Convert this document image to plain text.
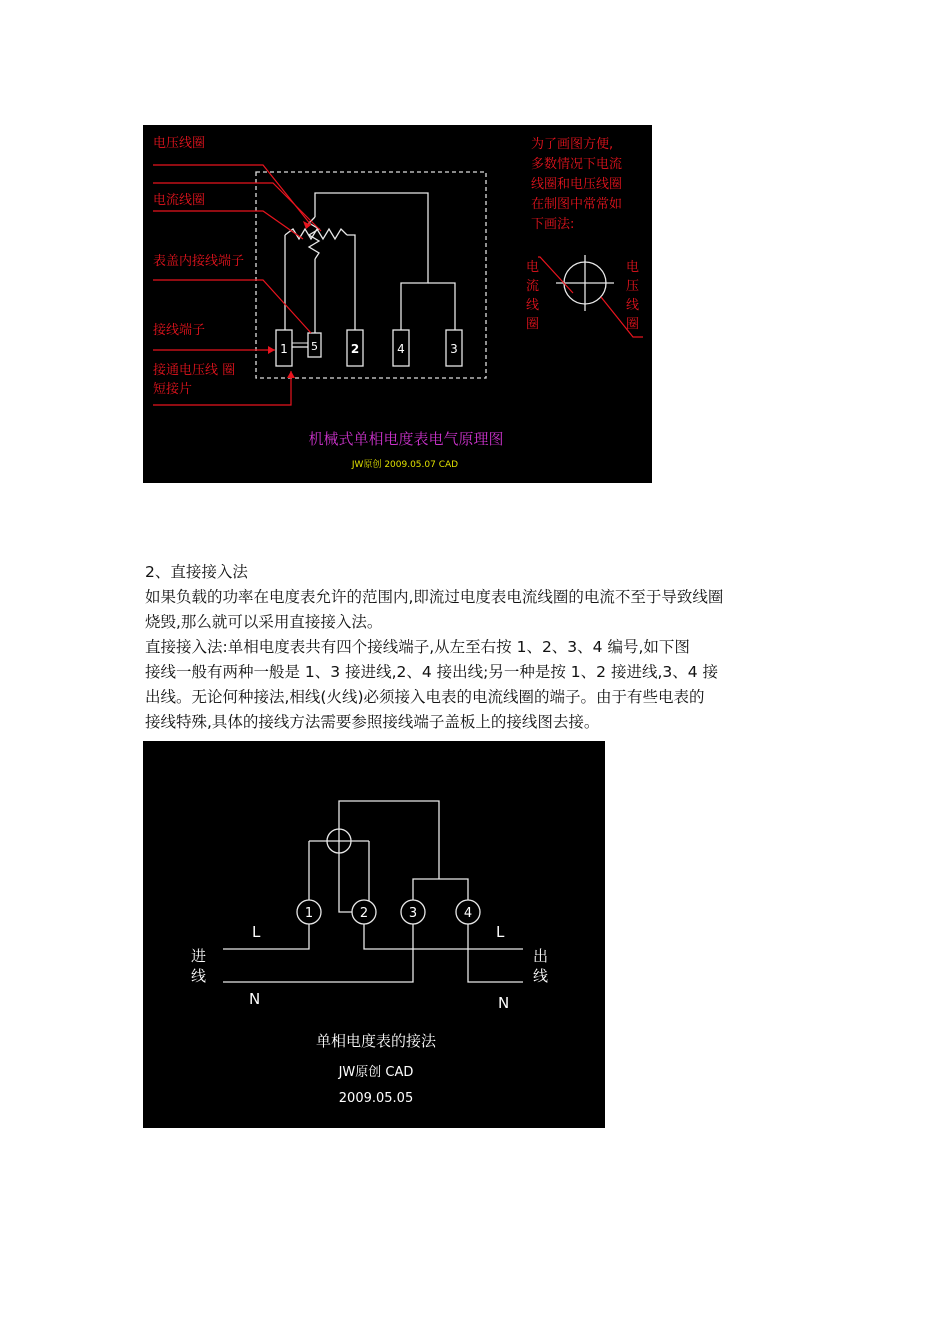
1 5	2	4	3
电压线圈
电流线圈
表盖内接线端子
接线端子
接通电压线 圈
短接片
为了画图方便,
多数情况下电流
线圈和电压线圈
在制图中常常如
下画法:
电
流
线
圈
电
压
线
圈
机械式单相电度表电气原理图
JW原创 2009.05.07 CAD

2、直接接入法

如果负载的功率在电度表允许的范围内,即流过电度表电流线圈的电流不至于导致线圈

烧毁,那么就可以采用直接接入法。

直接接入法:单相电度表共有四个接线端子,从左至右按 1、2、3、4 编号,如下图

接线一般有两种一般是 1、3 接进线,2、4 接出线;另一种是按 1、2 接进线,3、4 接

出线。无论何种接法,相线(火线)必须接入电表的电流线圈的端子。由于有些电表的

接线特殊,具体的接线方法需要参照接线端子盖板上的接线图去接。

1	2	3	4
L	L
N	N
进
线
出
线
单相电度表的接法
JW原创 CAD
2009.05.05
